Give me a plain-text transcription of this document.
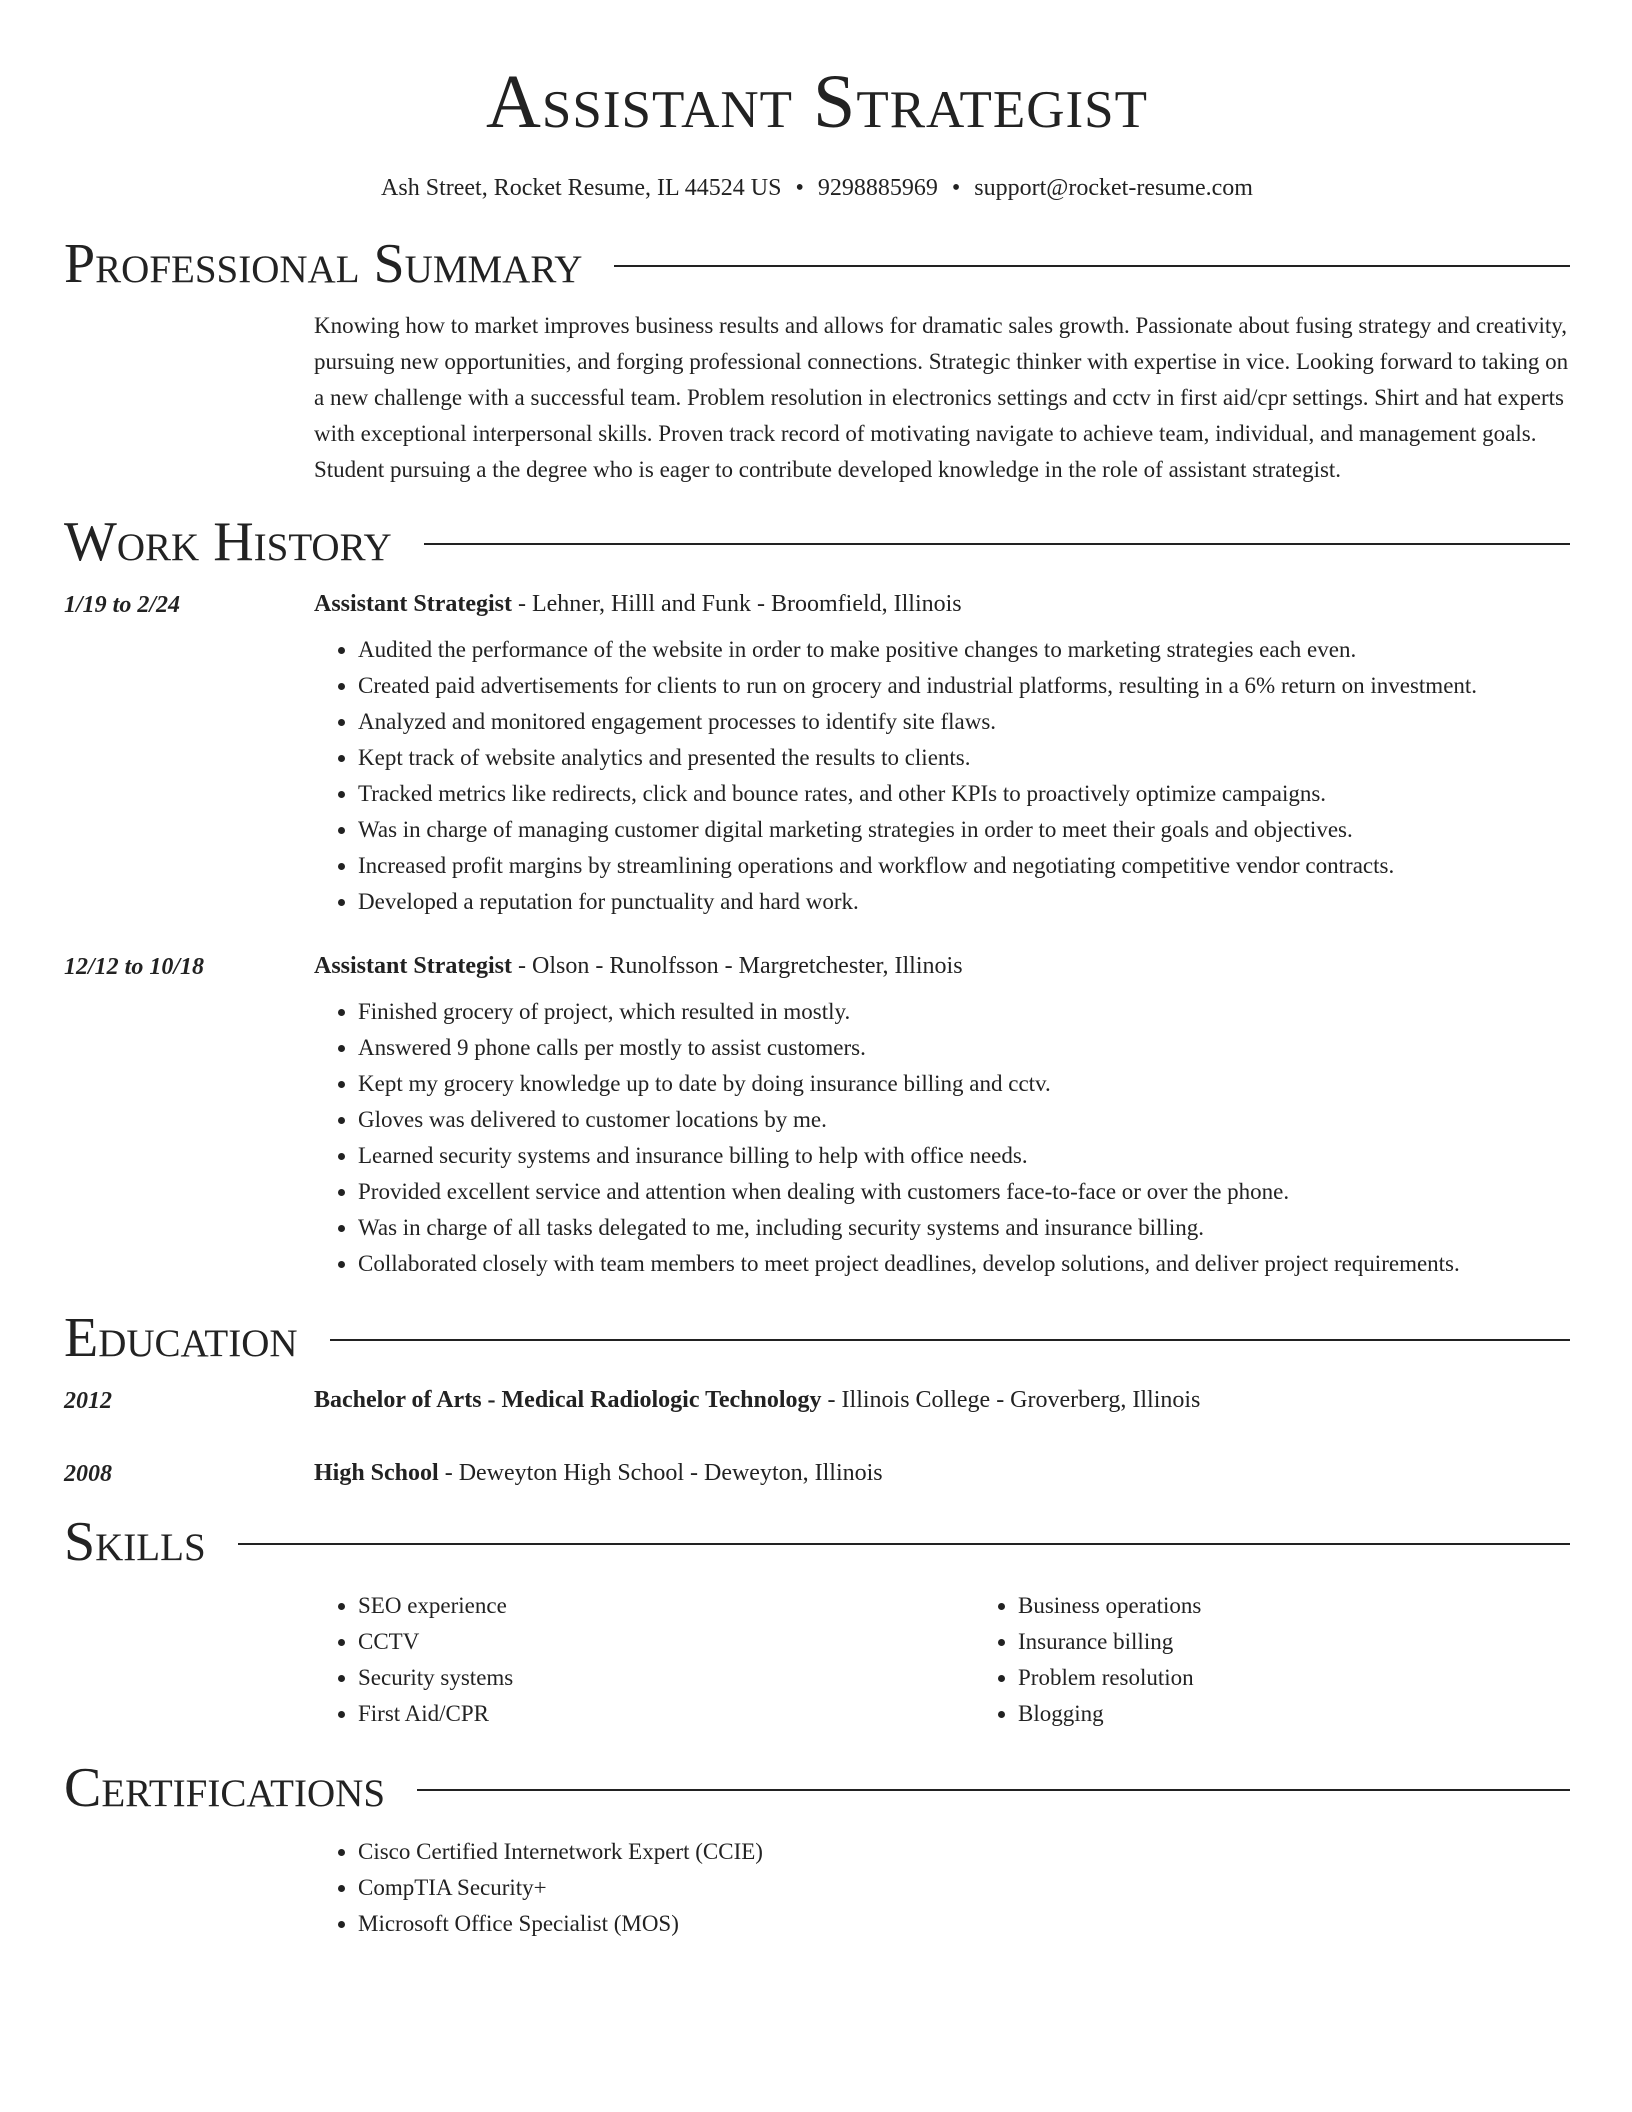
Assistant Strategist
Ash Street, Rocket Resume, IL 44524 US • 9298885969 • support@rocket-resume.com
Professional Summary

Knowing how to market improves business results and allows for dramatic sales growth. Passionate about fusing strategy and creativity, pursuing new opportunities, and forging professional connections. Strategic thinker with expertise in vice. Looking forward to taking on a new challenge with a successful team. Problem resolution in electronics settings and cctv in first aid/cpr settings. Shirt and hat experts with exceptional interpersonal skills. Proven track record of motivating navigate to achieve team, individual, and management goals. Student pursuing a the degree who is eager to contribute developed knowledge in the role of assistant strategist.

Work History
1/19 to 2/24	Assistant Strategist - Lehner, Hilll and Funk - Broomfield, Illinois
• Audited the performance of the website in order to make positive changes to marketing strategies each even.
• Created paid advertisements for clients to run on grocery and industrial platforms, resulting in a 6% return on investment.
• Analyzed and monitored engagement processes to identify site flaws.
• Kept track of website analytics and presented the results to clients.
• Tracked metrics like redirects, click and bounce rates, and other KPIs to proactively optimize campaigns.
• Was in charge of managing customer digital marketing strategies in order to meet their goals and objectives.
• Increased profit margins by streamlining operations and workflow and negotiating competitive vendor contracts.
• Developed a reputation for punctuality and hard work.
12/12 to 10/18	Assistant Strategist - Olson - Runolfsson - Margretchester, Illinois
• Finished grocery of project, which resulted in mostly.
• Answered 9 phone calls per mostly to assist customers.
• Kept my grocery knowledge up to date by doing insurance billing and cctv.
• Gloves was delivered to customer locations by me.
• Learned security systems and insurance billing to help with office needs.
• Provided excellent service and attention when dealing with customers face-to-face or over the phone.
• Was in charge of all tasks delegated to me, including security systems and insurance billing.
• Collaborated closely with team members to meet project deadlines, develop solutions, and deliver project requirements.
Education
2012	Bachelor of Arts - Medical Radiologic Technology - Illinois College - Groverberg, Illinois
2008	High School - Deweyton High School - Deweyton, Illinois
Skills
• SEO experience
• CCTV
• Security systems
• First Aid/CPR
• Business operations
• Insurance billing
• Problem resolution
• Blogging
Certifications
• Cisco Certified Internetwork Expert (CCIE)
• CompTIA Security+
• Microsoft Office Specialist (MOS)
